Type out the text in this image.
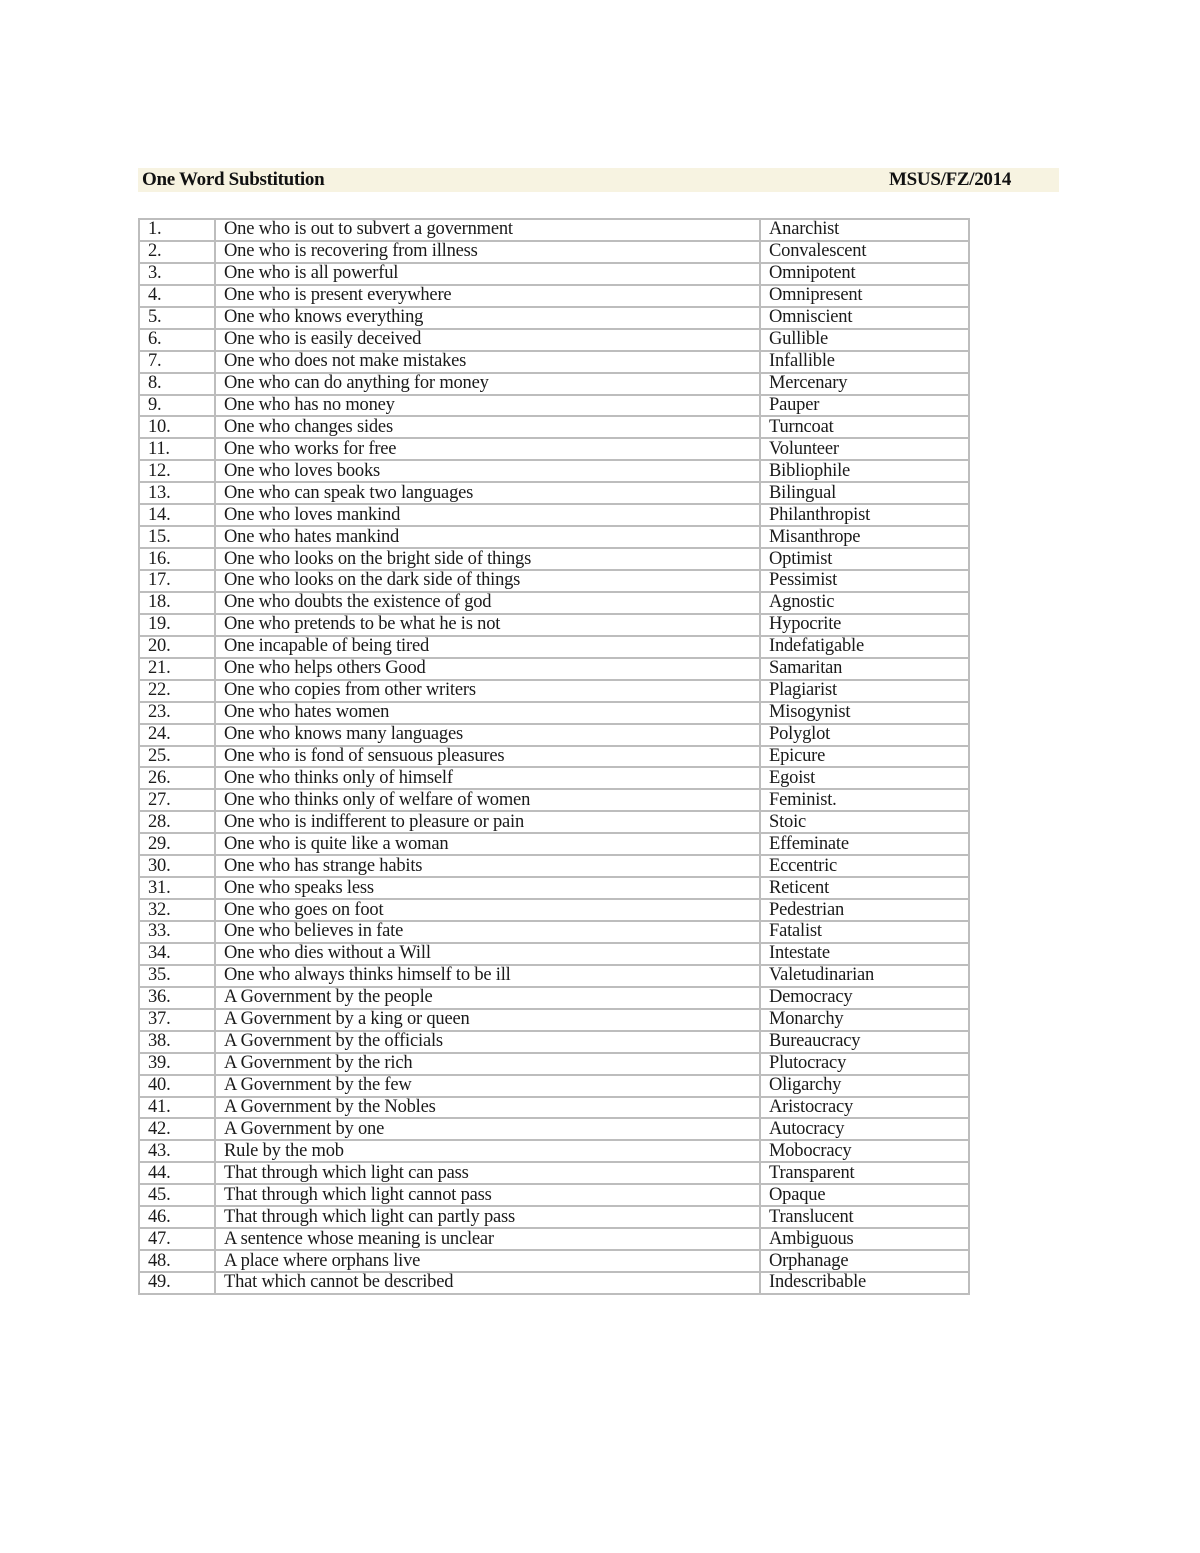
One Word Substitution	MSUS/FZ/2014
1.	One who is out to subvert a government	Anarchist
2.	One who is recovering from illness	Convalescent
3.	One who is all powerful	Omnipotent
4.	One who is present everywhere	Omnipresent
5.	One who knows everything	Omniscient
6.	One who is easily deceived	Gullible
7.	One who does not make mistakes	Infallible
8.	One who can do anything for money	Mercenary
9.	One who has no money	Pauper
10.	One who changes sides	Turncoat
11.	One who works for free	Volunteer
12.	One who loves books	Bibliophile
13.	One who can speak two languages	Bilingual
14.	One who loves mankind	Philanthropist
15.	One who hates mankind	Misanthrope
16.	One who looks on the bright side of things	Optimist
17.	One who looks on the dark side of things	Pessimist
18.	One who doubts the existence of god	Agnostic
19.	One who pretends to be what he is not	Hypocrite
20.	One incapable of being tired	Indefatigable
21.	One who helps others Good	Samaritan
22.	One who copies from other writers	Plagiarist
23.	One who hates women	Misogynist
24.	One who knows many languages	Polyglot
25.	One who is fond of sensuous pleasures	Epicure
26.	One who thinks only of himself	Egoist
27.	One who thinks only of welfare of women	Feminist.
28.	One who is indifferent to pleasure or pain	Stoic
29.	One who is quite like a woman	Effeminate
30.	One who has strange habits	Eccentric
31.	One who speaks less	Reticent
32.	One who goes on foot	Pedestrian
33.	One who believes in fate	Fatalist
34.	One who dies without a Will	Intestate
35.	One who always thinks himself to be ill	Valetudinarian
36.	A Government by the people	Democracy
37.	A Government by a king or queen	Monarchy
38.	A Government by the officials	Bureaucracy
39.	A Government by the rich	Plutocracy
40.	A Government by the few	Oligarchy
41.	A Government by the Nobles	Aristocracy
42.	A Government by one	Autocracy
43.	Rule by the mob	Mobocracy
44.	That through which light can pass	Transparent
45.	That through which light cannot pass	Opaque
46.	That through which light can partly pass	Translucent
47.	A sentence whose meaning is unclear	Ambiguous
48.	A place where orphans live	Orphanage
49.	That which cannot be described	Indescribable
